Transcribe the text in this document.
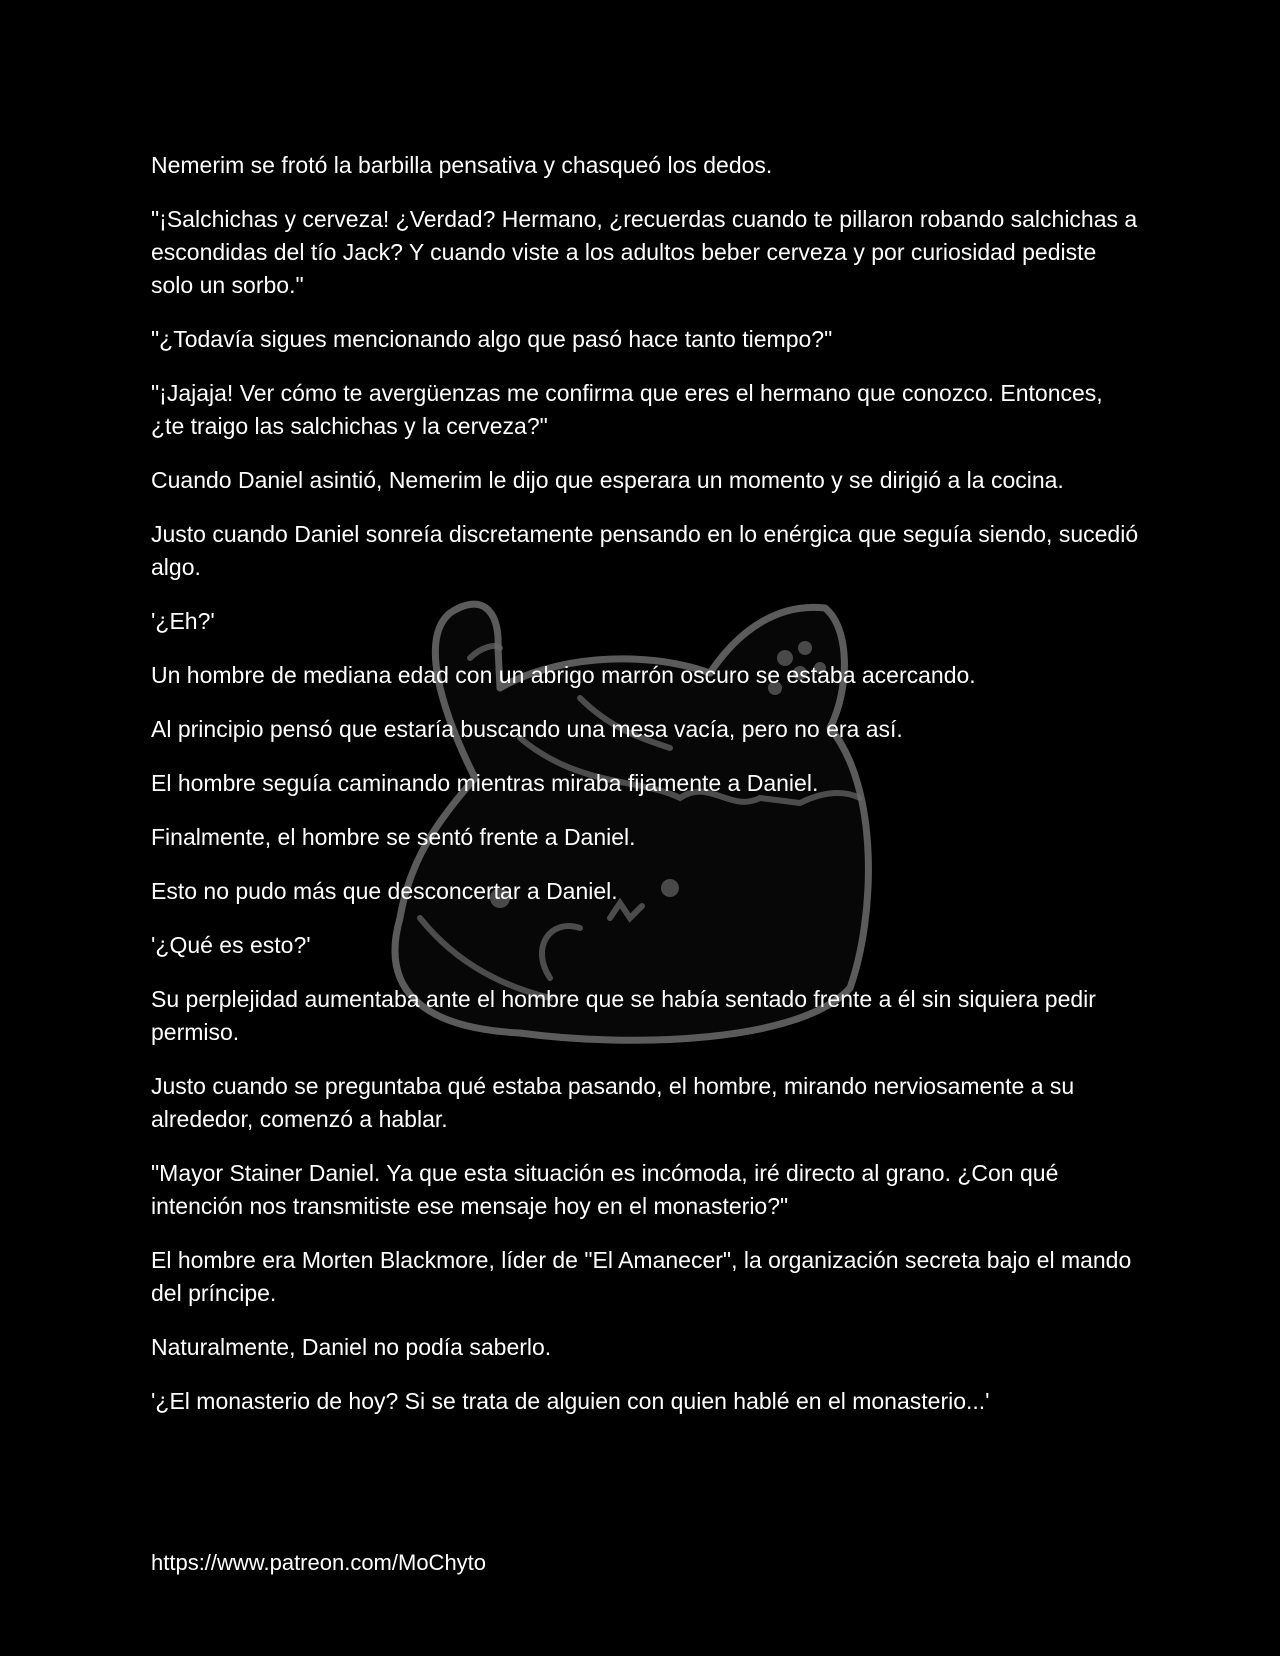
Nemerim se frotó la barbilla pensativa y chasqueó los dedos.

"¡Salchichas y cerveza! ¿Verdad? Hermano, ¿recuerdas cuando te pillaron robando salchichas a escondidas del tío Jack? Y cuando viste a los adultos beber cerveza y por curiosidad pediste solo un sorbo."

"¿Todavía sigues mencionando algo que pasó hace tanto tiempo?"

"¡Jajaja! Ver cómo te avergüenzas me confirma que eres el hermano que conozco. Entonces, ¿te traigo las salchichas y la cerveza?"

Cuando Daniel asintió, Nemerim le dijo que esperara un momento y se dirigió a la cocina.

Justo cuando Daniel sonreía discretamente pensando en lo enérgica que seguía siendo, sucedió algo.

'¿Eh?'

Un hombre de mediana edad con un abrigo marrón oscuro se estaba acercando.

Al principio pensó que estaría buscando una mesa vacía, pero no era así.

El hombre seguía caminando mientras miraba fijamente a Daniel.

Finalmente, el hombre se sentó frente a Daniel.

Esto no pudo más que desconcertar a Daniel.

'¿Qué es esto?'

Su perplejidad aumentaba ante el hombre que se había sentado frente a él sin siquiera pedir permiso.

Justo cuando se preguntaba qué estaba pasando, el hombre, mirando nerviosamente a su alrededor, comenzó a hablar.

"Mayor Stainer Daniel. Ya que esta situación es incómoda, iré directo al grano. ¿Con qué intención nos transmitiste ese mensaje hoy en el monasterio?"

El hombre era Morten Blackmore, líder de "El Amanecer", la organización secreta bajo el mando del príncipe.

Naturalmente, Daniel no podía saberlo.

'¿El monasterio de hoy? Si se trata de alguien con quien hablé en el monasterio...'

https://www.patreon.com/MoChyto
